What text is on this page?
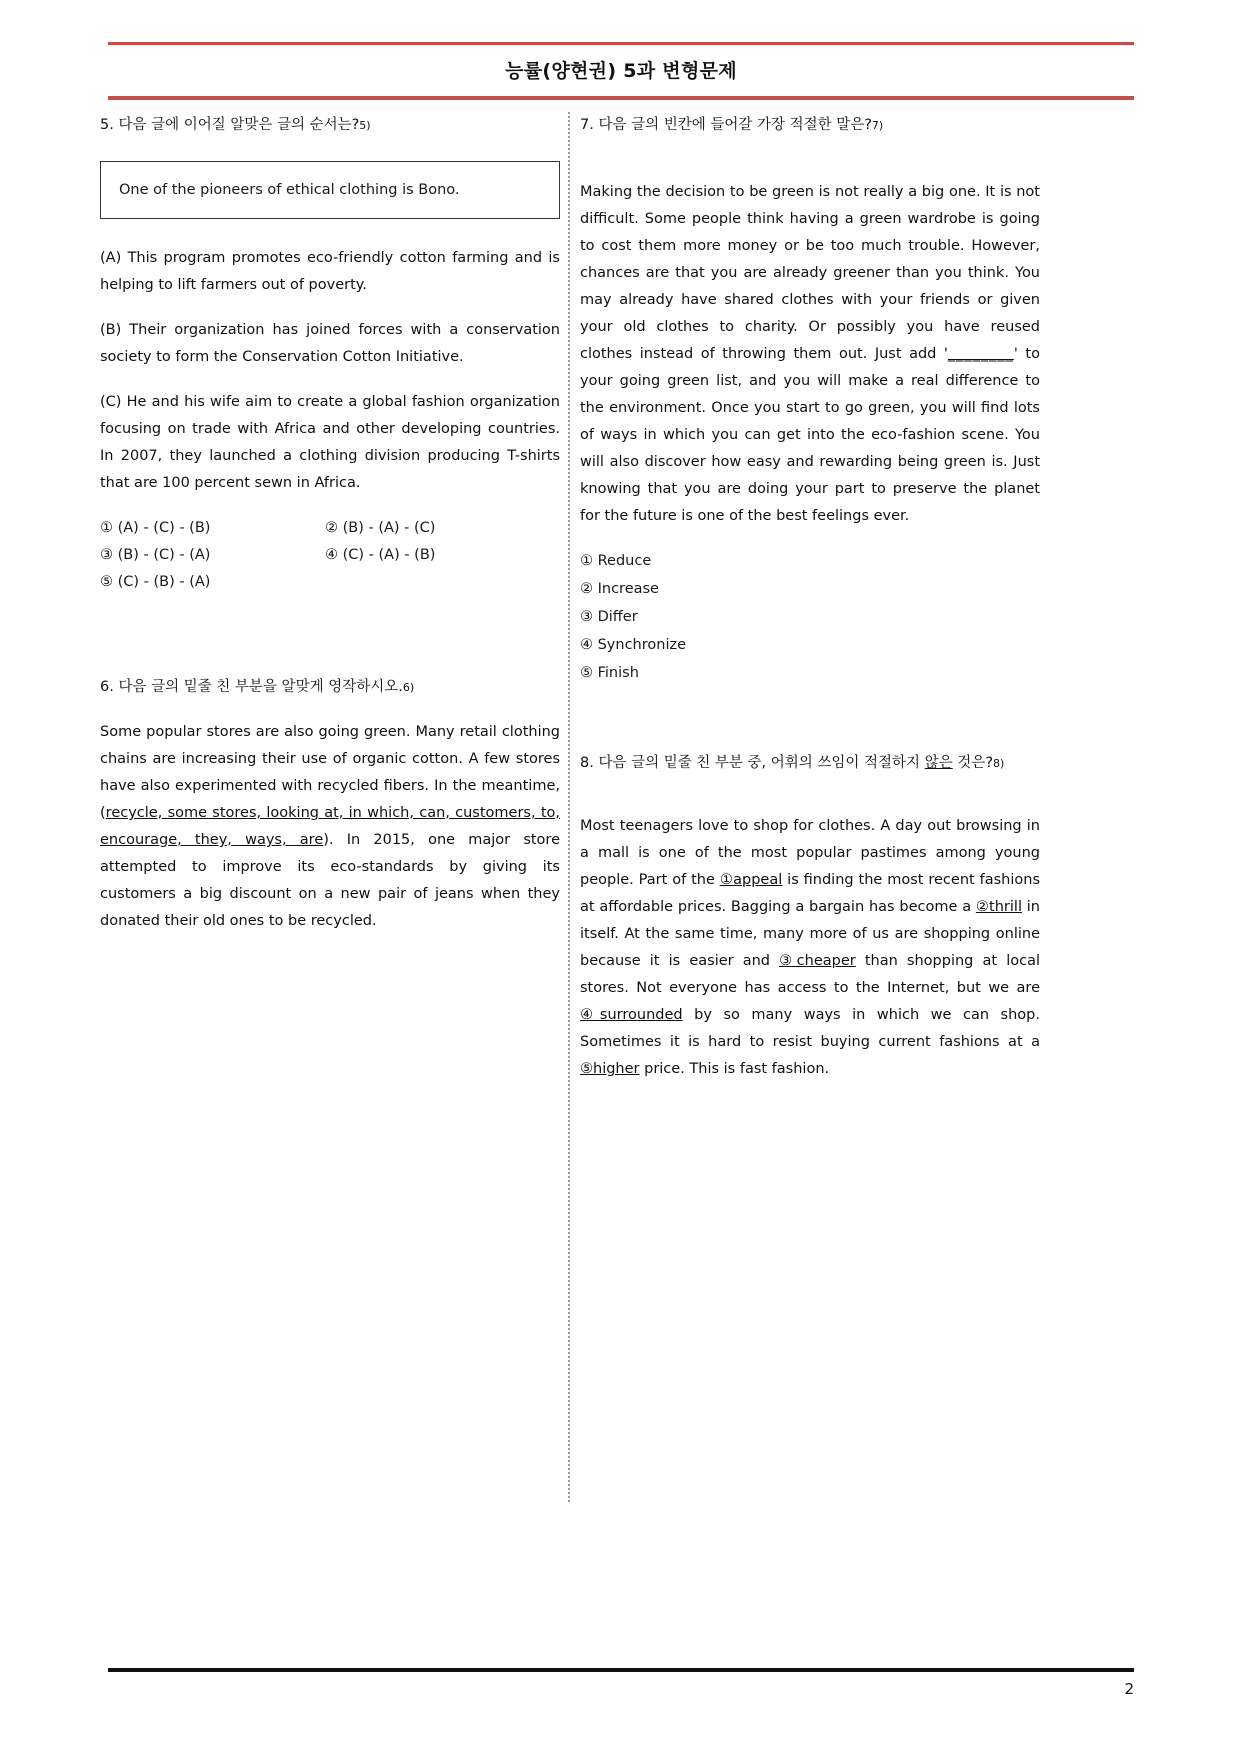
능률(양현권) 5과 변형문제
5. 다음 글에 이어질 알맞은 글의 순서는?5)
One of the pioneers of ethical clothing is Bono.
(A) This program promotes eco-friendly cotton farming and is helping to lift farmers out of poverty.
(B) Their organization has joined forces with a conservation society to form the Conservation Cotton Initiative.
(C) He and his wife aim to create a global fashion organization focusing on trade with Africa and other developing countries. In 2007, they launched a clothing division producing T-shirts that are 100 percent sewn in Africa.
① (A) - (C) - (B)	② (B) - (A) - (C)
③ (B) - (C) - (A)	④ (C) - (A) - (B)
⑤ (C) - (B) - (A)
6. 다음 글의 밑줄 친 부분을 알맞게 영작하시오.6)
Some popular stores are also going green. Many retail clothing chains are increasing their use of organic cotton. A few stores have also experimented with recycled fibers. In the meantime, (recycle, some stores, looking at, in which, can, customers, to, encourage, they, ways, are). In 2015, one major store attempted to improve its eco-standards by giving its customers a big discount on a new pair of jeans when they donated their old ones to be recycled.
7. 다음 글의 빈칸에 들어갈 가장 적절한 말은?7)
Making the decision to be green is not really a big one. It is not difficult. Some people think having a green wardrobe is going to cost them more money or be too much trouble. However, chances are that you are already greener than you think. You may already have shared clothes with your friends or given your old clothes to charity. Or possibly you have reused clothes instead of throwing them out. Just add '________' to your going green list, and you will make a real difference to the environment. Once you start to go green, you will find lots of ways in which you can get into the eco-fashion scene. You will also discover how easy and rewarding being green is. Just knowing that you are doing your part to preserve the planet for the future is one of the best feelings ever.
① Reduce
② Increase
③ Differ
④ Synchronize
⑤ Finish
8. 다음 글의 밑줄 친 부분 중, 어휘의 쓰임이 적절하지 않은 것은?8)
Most teenagers love to shop for clothes. A day out browsing in a mall is one of the most popular pastimes among young people. Part of the ①appeal is finding the most recent fashions at affordable prices. Bagging a bargain has become a ②thrill in itself. At the same time, many more of us are shopping online because it is easier and ③cheaper than shopping at local stores. Not everyone has access to the Internet, but we are ④surrounded by so many ways in which we can shop. Sometimes it is hard to resist buying current fashions at a ⑤higher price. This is fast fashion.
2
